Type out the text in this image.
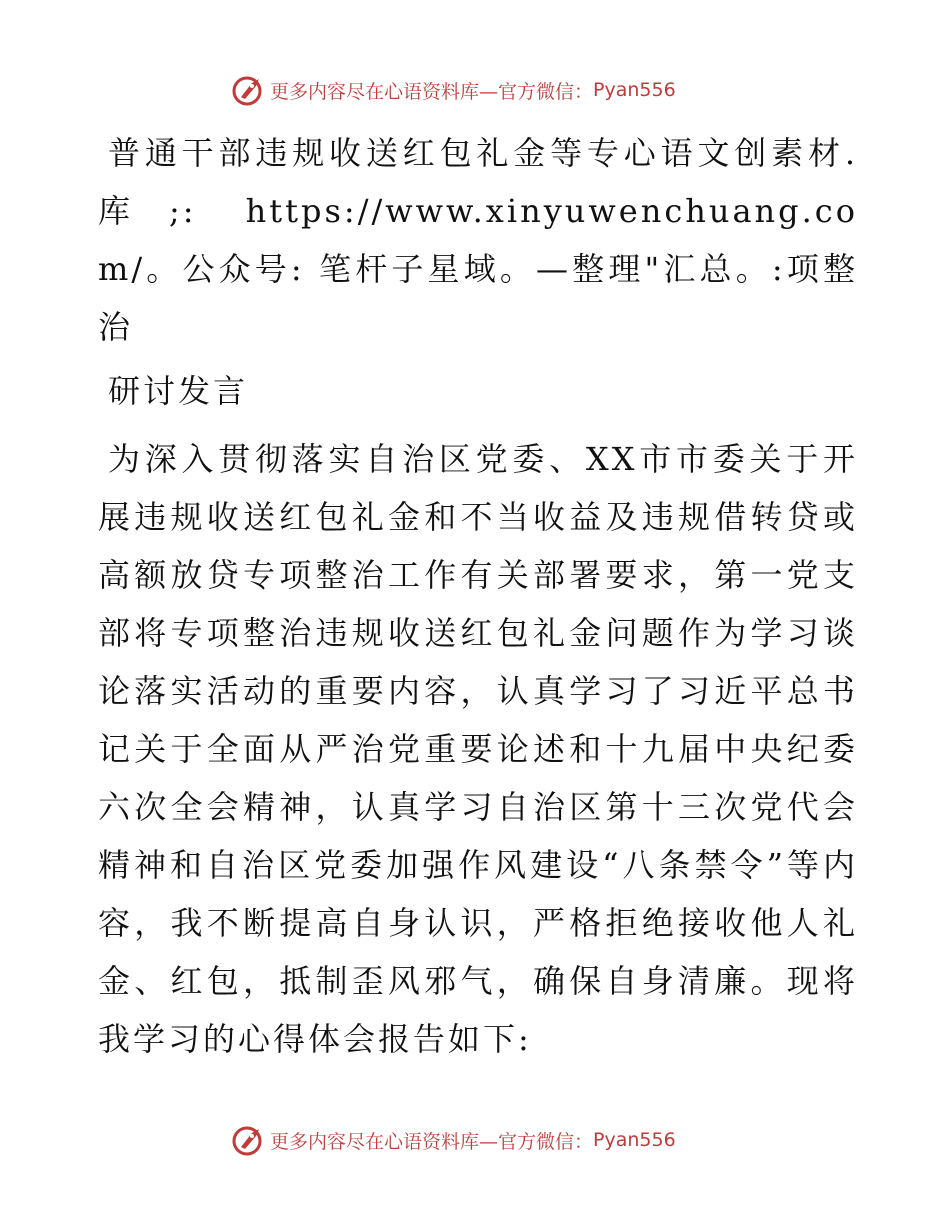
更多内容尽在心语资料库—官方微信： Pyan556

普通干部违规收送红包礼金等专心语文创素材.库;: https://www.xinyuwenchuang.com/。公众号: 笔杆子星域。—整理"汇总。:项整治

研讨发言

为深入贯彻落实自治区党委、XX市市委关于开展违规收送红包礼金和不当收益及违规借转贷或高额放贷专项整治工作有关部署要求，第一党支部将专项整治违规收送红包礼金问题作为学习谈论落实活动的重要内容，认真学习了习近平总书记关于全面从严治党重要论述和十九届中央纪委六次全会精神，认真学习自治区第十三次党代会精神和自治区党委加强作风建设“八条禁令”等内容，我不断提高自身认识，严格拒绝接收他人礼金、红包，抵制歪风邪气，确保自身清廉。现将我学习的心得体会报告如下:

更多内容尽在心语资料库—官方微信： Pyan556
